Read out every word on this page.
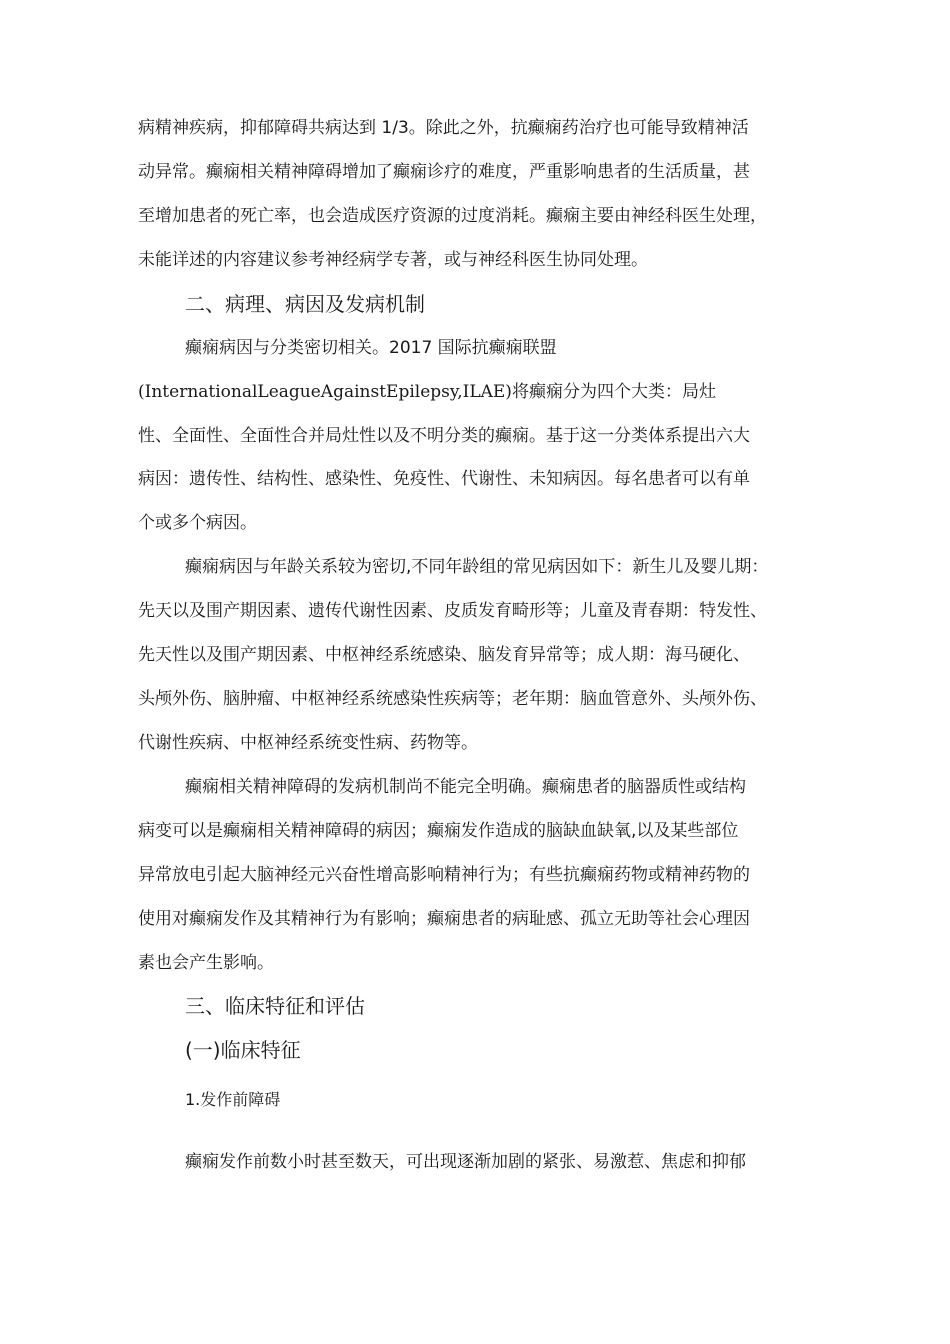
病精神疾病，抑郁障碍共病达到 1/3。除此之外，抗癫痫药治疗也可能导致精神活
动异常。癫痫相关精神障碍增加了癫痫诊疗的难度，严重影响患者的生活质量，甚
至增加患者的死亡率，也会造成医疗资源的过度消耗。癫痫主要由神经科医生处理，
未能详述的内容建议参考神经病学专著，或与神经科医生协同处理。
二、病理、病因及发病机制
癫痫病因与分类密切相关。2017 国际抗癫痫联盟
(InternationalLeagueAgainstEpilepsy,ILAE)将癫痫分为四个大类：局灶
性、全面性、全面性合并局灶性以及不明分类的癫痫。基于这一分类体系提出六大
病因：遗传性、结构性、感染性、免疫性、代谢性、未知病因。每名患者可以有单
个或多个病因。
癫痫病因与年龄关系较为密切,不同年龄组的常见病因如下：新生儿及婴儿期：
先天以及围产期因素、遗传代谢性因素、皮质发育畸形等；儿童及青春期：特发性、
先天性以及围产期因素、中枢神经系统感染、脑发育异常等；成人期：海马硬化、
头颅外伤、脑肿瘤、中枢神经系统感染性疾病等；老年期：脑血管意外、头颅外伤、
代谢性疾病、中枢神经系统变性病、药物等。
癫痫相关精神障碍的发病机制尚不能完全明确。癫痫患者的脑器质性或结构
病变可以是癫痫相关精神障碍的病因；癫痫发作造成的脑缺血缺氧,以及某些部位
异常放电引起大脑神经元兴奋性增高影响精神行为；有些抗癫痫药物或精神药物的
使用对癫痫发作及其精神行为有影响；癫痫患者的病耻感、孤立无助等社会心理因
素也会产生影响。
三、临床特征和评估
(一)临床特征
1.发作前障碍
癫痫发作前数小时甚至数天，可出现逐渐加剧的紧张、易激惹、焦虑和抑郁
